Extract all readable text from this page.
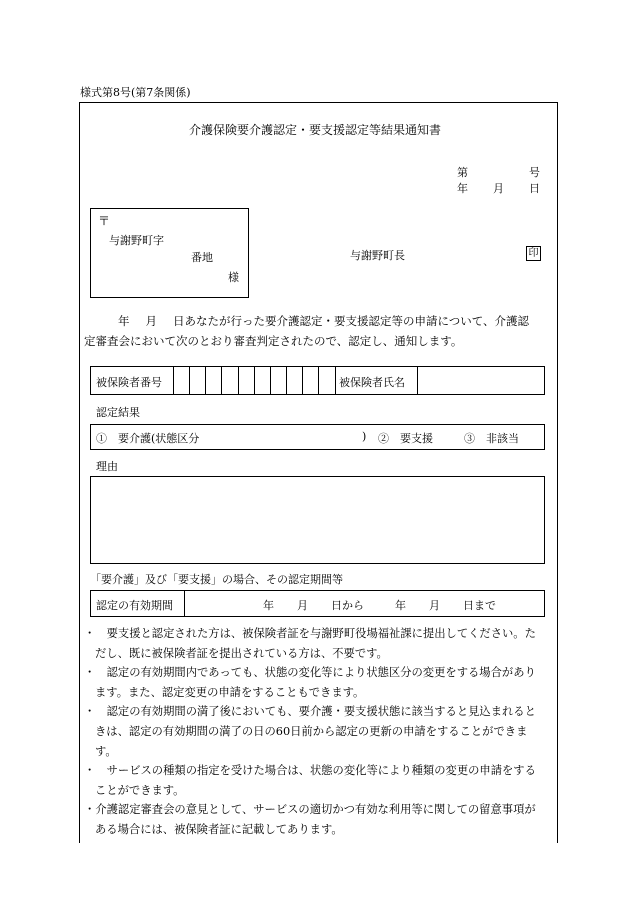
様式第8号(第7条関係)
介護保険要介護認定・要支援認定等結果通知書
第	号
年 月 日
〒
与謝野町字
番地
様
与謝野町長	印
年 月 日あなたが行った要介護認定・要支援認定等の申請について、介護認
定審査会において次のとおり審査判定されたので、認定し、通知します。
被保険者番号	被保険者氏名
認定結果
①　要介護(状態区分	) ②　要支援	③　非該当
理由
「要介護」及び「要支援」の場合、その認定期間等
認定の有効期間	年 月 日から	年 月 日まで
・　要支援と認定された方は、被保険者証を与謝野町役場福祉課に提出してください。た
だし、既に被保険者証を提出されている方は、不要です。
・　認定の有効期間内であっても、状態の変化等により状態区分の変更をする場合があり
ます。また、認定変更の申請をすることもできます。
・　認定の有効期間の満了後においても、要介護・要支援状態に該当すると見込まれると
きは、認定の有効期間の満了の日の60日前から認定の更新の申請をすることができま
す。
・　サービスの種類の指定を受けた場合は、状態の変化等により種類の変更の申請をする
ことができます。
・介護認定審査会の意見として、サービスの適切かつ有効な利用等に関しての留意事項が
ある場合には、被保険者証に記載してあります。
